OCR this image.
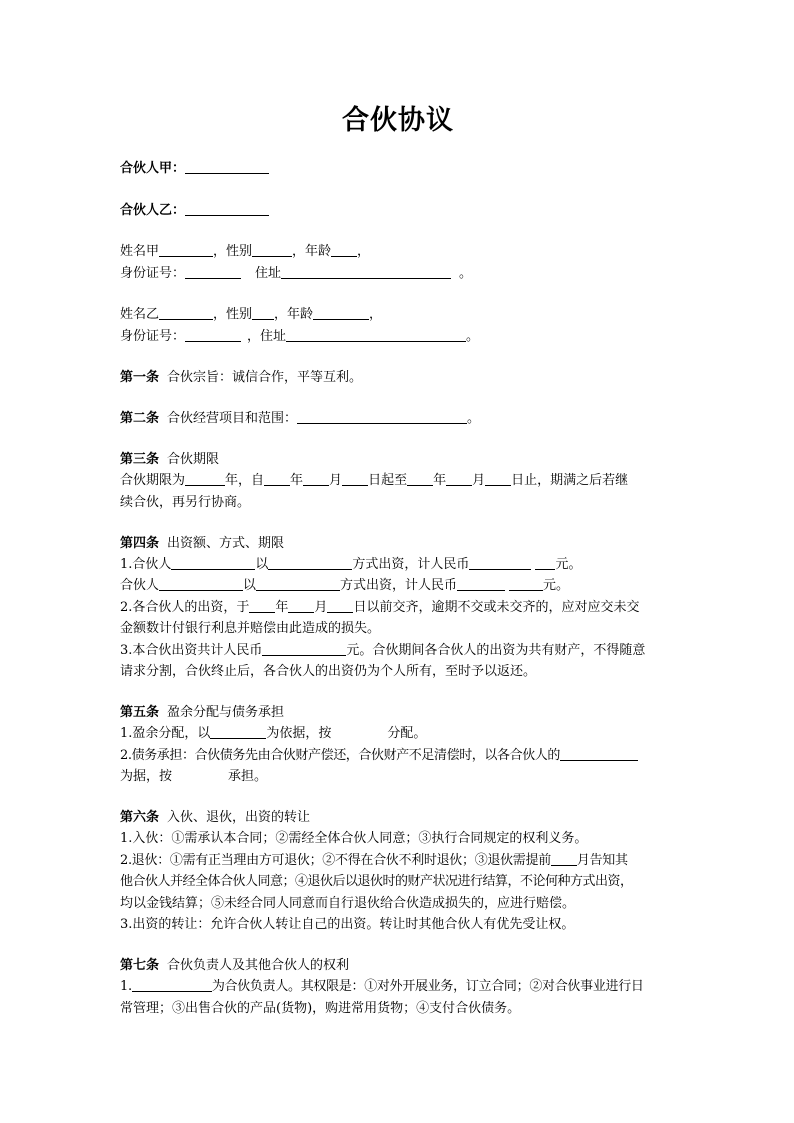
合伙协议
合伙人甲：
合伙人乙：
姓名甲	，性别	，年龄 ，
身份证号：	住址	。
姓名乙	，性别 ，年龄	，
身份证号：	，住址	。
第一条 合伙宗旨：诚信合作，平等互利。
第二条 合伙经营项目和范围：	。
第三条 合伙期限
合伙期限为	年，自 年 月 日起至 年 月 日止，期满之后若继
续合伙，再另行协商。
第四条 出资额、方式、期限
1.合伙人	以	方式出资，计人民币	元。
合伙人	以	方式出资，计人民币	元。
2.各合伙人的出资，于 年 月 日以前交齐，逾期不交或未交齐的，应对应交未交
金额数计付银行利息并赔偿由此造成的损失。
3.本合伙出资共计人民币	元。合伙期间各合伙人的出资为共有财产，不得随意
请求分割，合伙终止后，各合伙人的出资仍为个人所有，至时予以返还。
第五条 盈余分配与债务承担
1.盈余分配，以	为依据，按	分配。
2.债务承担：合伙债务先由合伙财产偿还，合伙财产不足清偿时，以各合伙人的
为据，按	承担。
第六条 入伙、退伙，出资的转让
1.入伙：①需承认本合同；②需经全体合伙人同意；③执行合同规定的权利义务。
2.退伙：①需有正当理由方可退伙；②不得在合伙不利时退伙；③退伙需提前 月告知其
他合伙人并经全体合伙人同意；④退伙后以退伙时的财产状况进行结算，不论何种方式出资，
均以金钱结算；⑤未经合同人同意而自行退伙给合伙造成损失的，应进行赔偿。
3.出资的转让：允许合伙人转让自己的出资。转让时其他合伙人有优先受让权。
第七条 合伙负责人及其他合伙人的权利
1.	为合伙负责人。其权限是：①对外开展业务，订立合同；②对合伙事业进行日
常管理；③出售合伙的产品(货物)，购进常用货物；④支付合伙债务。
